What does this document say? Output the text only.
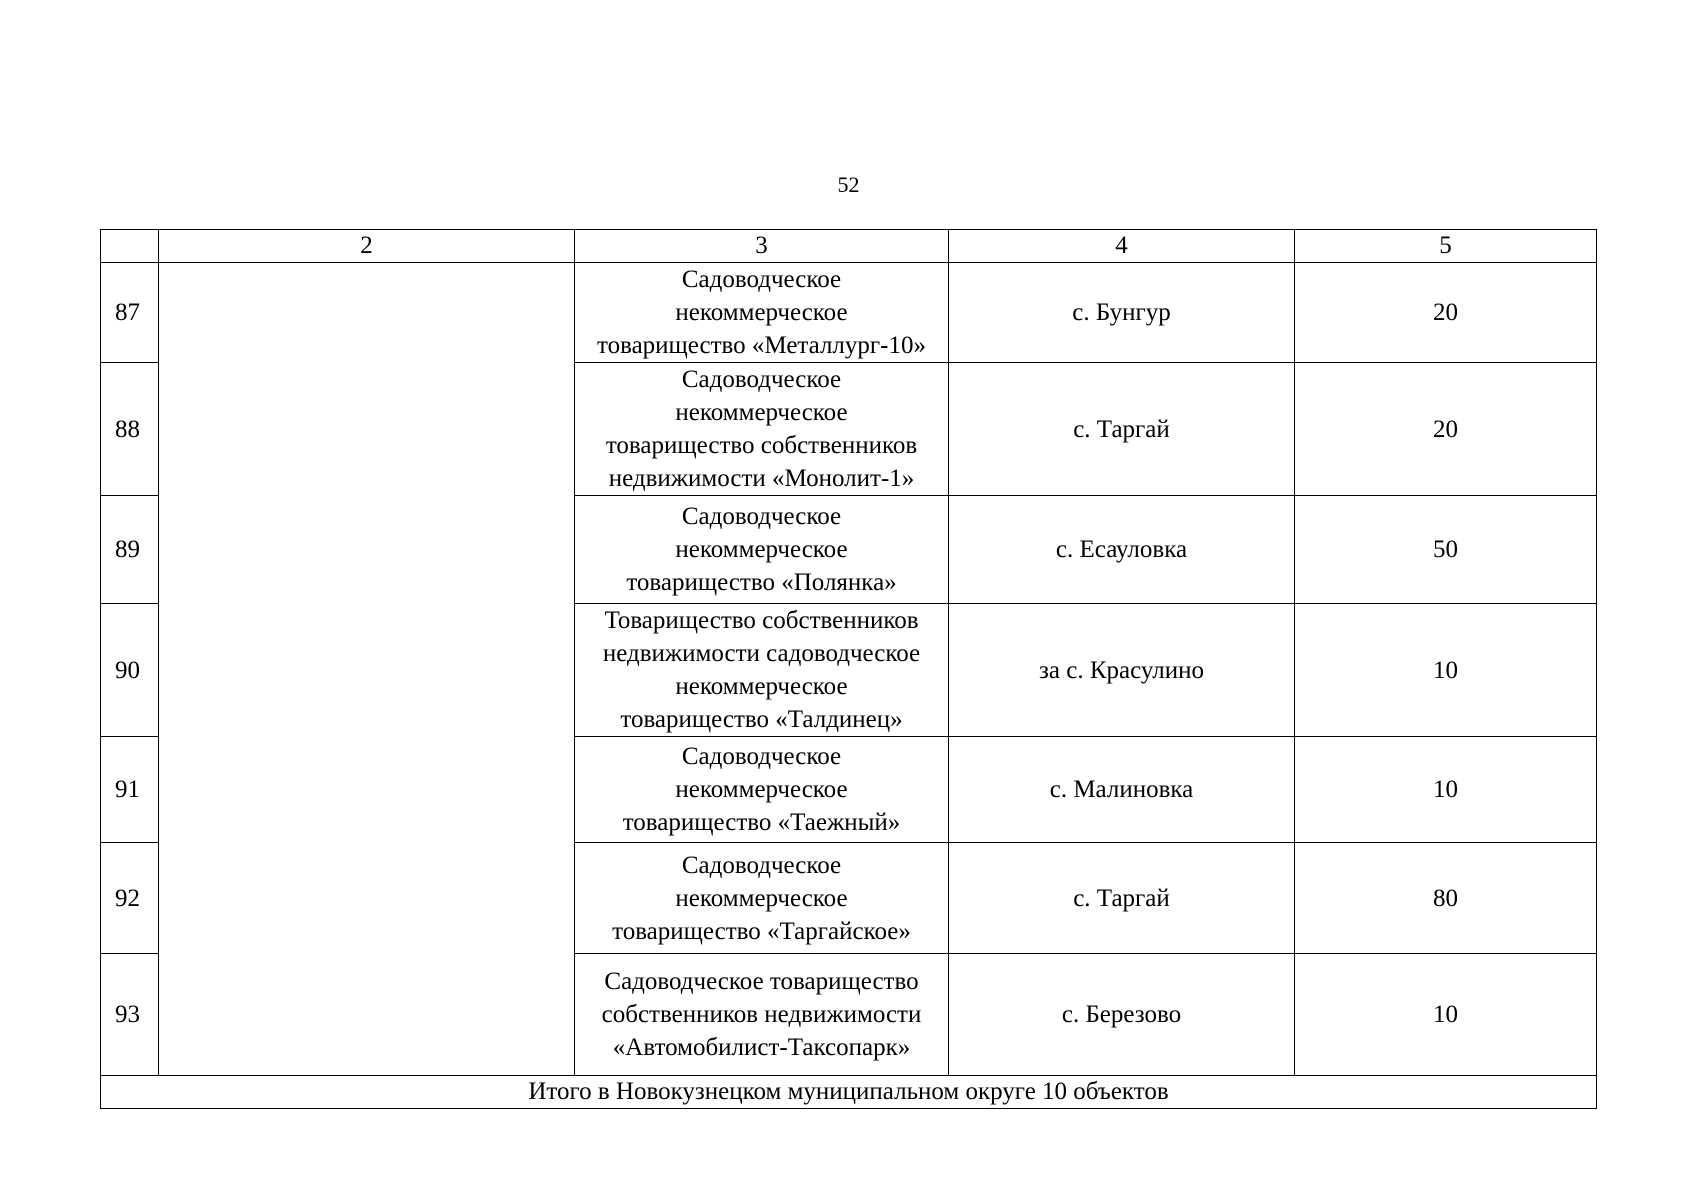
52
	2	3	4	5
87		Садоводческое
некоммерческое
товарищество «Металлург-10»	с. Бунгур	20
88		Садоводческое
некоммерческое
товарищество собственников
недвижимости «Монолит-1»	с. Таргай	20
89		Садоводческое
некоммерческое
товарищество «Полянка»	с. Есауловка	50
90		Товарищество собственников
недвижимости садоводческое
некоммерческое
товарищество «Талдинец»	за с. Красулино	10
91		Садоводческое
некоммерческое
товарищество «Таежный»	с. Малиновка	10
92		Садоводческое
некоммерческое
товарищество «Таргайское»	с. Таргай	80
93		Садоводческое товарищество
собственников недвижимости
«Автомобилист-Таксопарк»	с. Березово	10
Итого в Новокузнецком муниципальном округе 10 объектов				
